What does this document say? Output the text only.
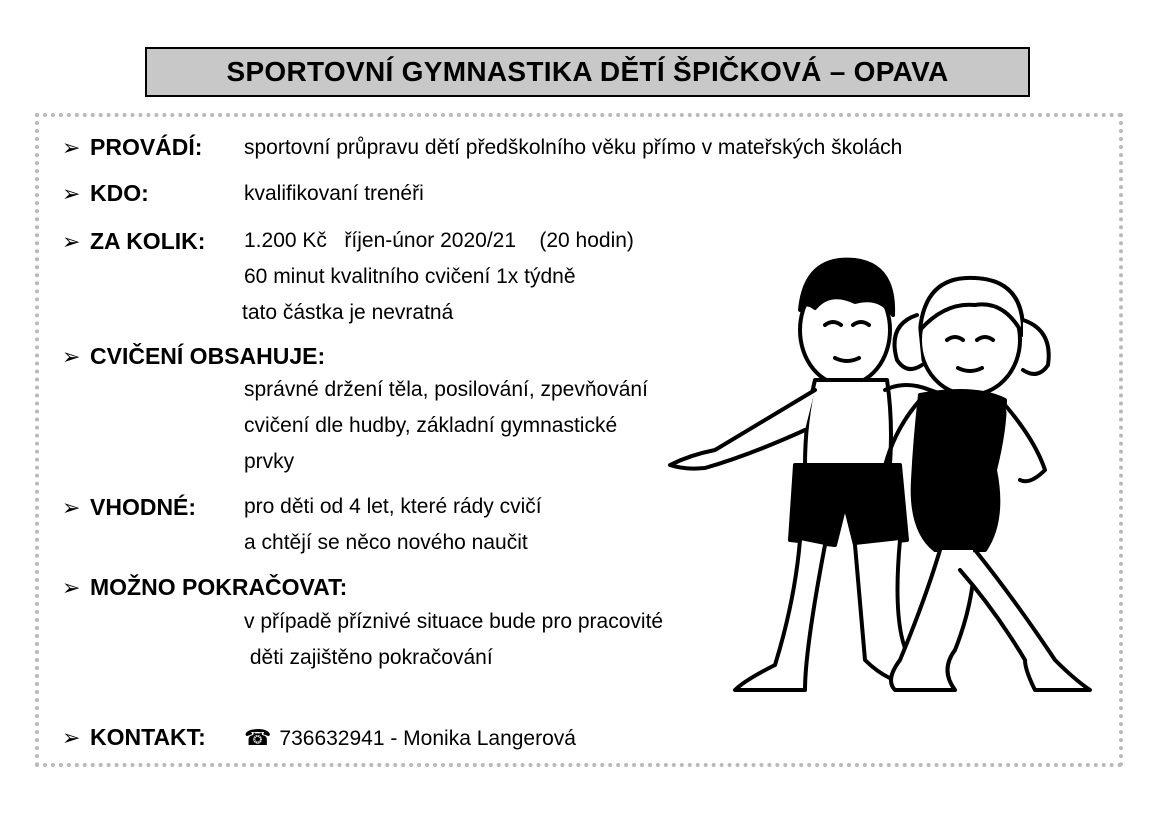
SPORTOVNÍ GYMNASTIKA DĚTÍ ŠPIČKOVÁ – OPAVA
➢ PROVÁDÍ: sportovní průpravu dětí předškolního věku přímo v mateřských školách
➢ KDO:	kvalifikovaní trenéři
➢ ZA KOLIK: 1.200 Kč   říjen-únor 2020/21    (20 hodin)
60 minut kvalitního cvičení 1x týdně
tato částka je nevratná
➢ CVIČENÍ OBSAHUJE:
správné držení těla, posilování, zpevňování
cvičení dle hudby, základní gymnastické
prvky
➢ VHODNÉ: pro děti od 4 let, které rády cvičí
a chtějí se něco nového naučit
➢ MOŽNO POKRAČOVAT:
v případě příznivé situace bude pro pracovité
děti zajištěno pokračování
➢ KONTAKT: ☎ 736632941 - Monika Langerová
